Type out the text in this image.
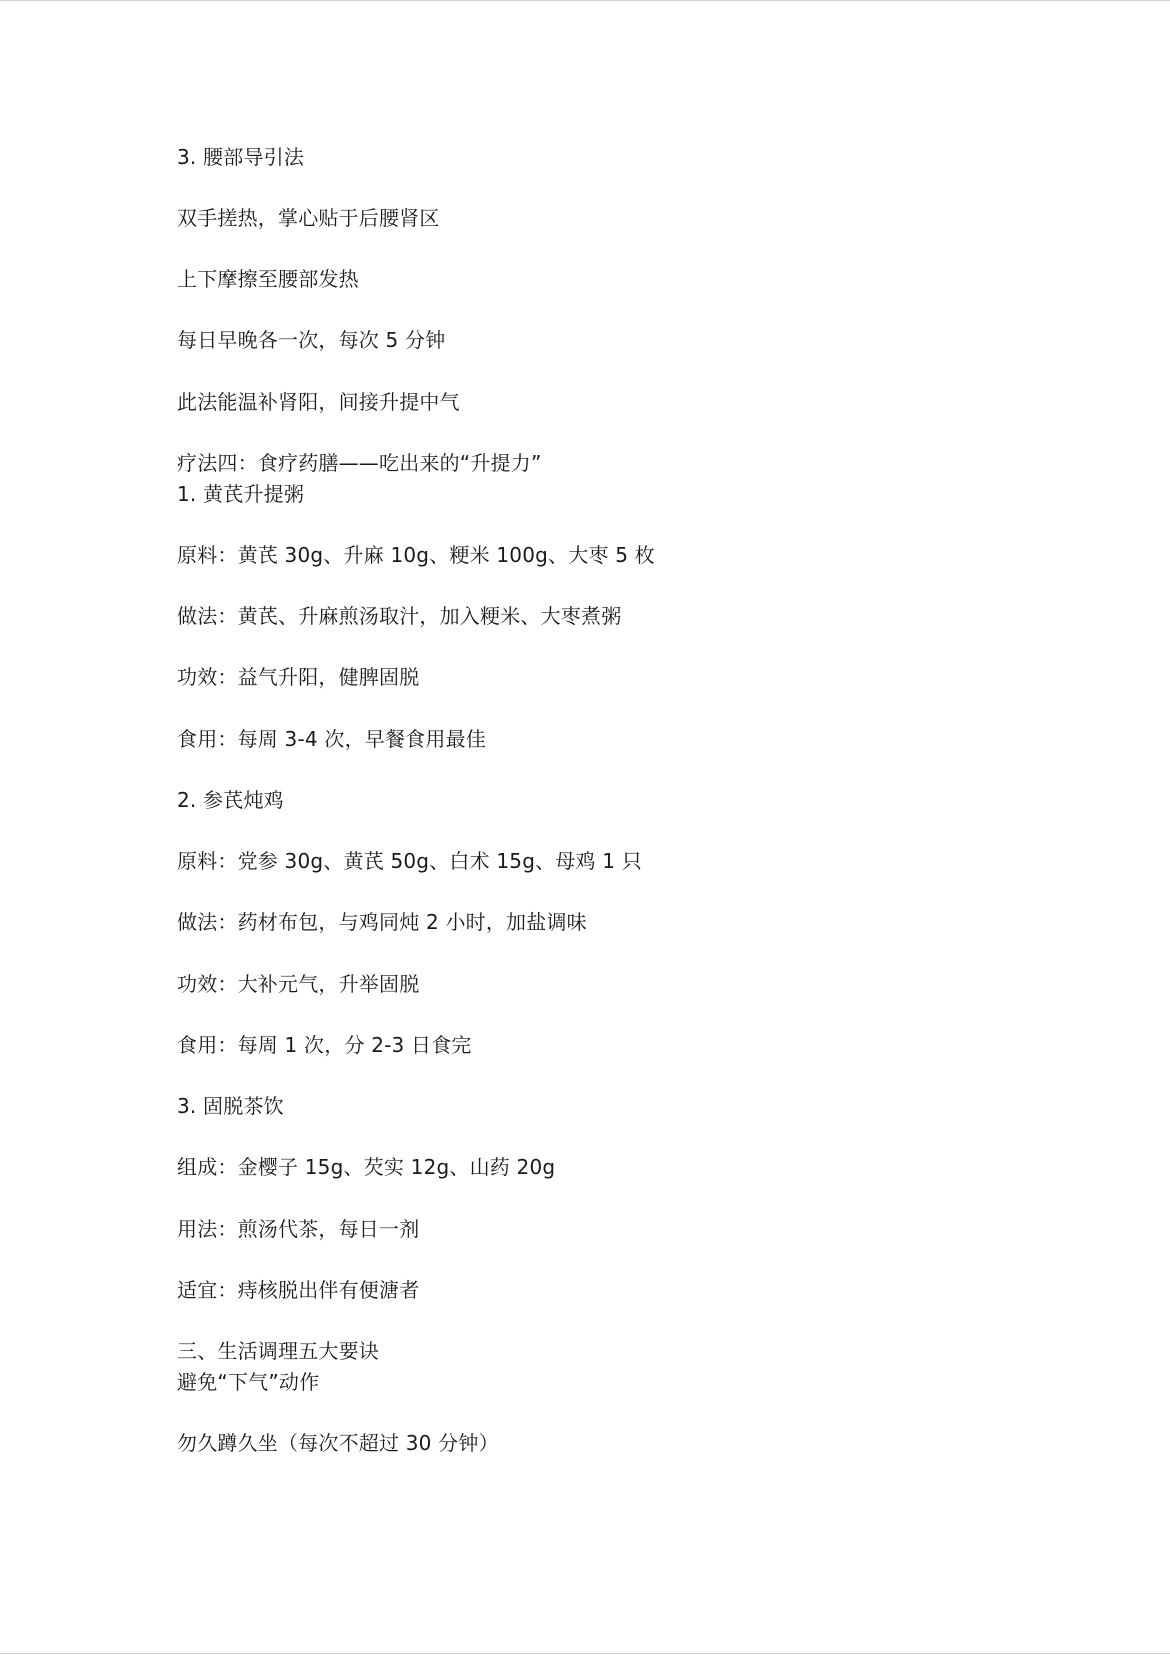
3. 腰部导引法
双手搓热，掌心贴于后腰肾区
上下摩擦至腰部发热
每日早晚各一次，每次 5 分钟
此法能温补肾阳，间接升提中气
疗法四：食疗药膳——吃出来的“升提力”
1. 黄芪升提粥
原料：黄芪 30g、升麻 10g、粳米 100g、大枣 5 枚
做法：黄芪、升麻煎汤取汁，加入粳米、大枣煮粥
功效：益气升阳，健脾固脱
食用：每周 3-4 次，早餐食用最佳
2. 参芪炖鸡
原料：党参 30g、黄芪 50g、白术 15g、母鸡 1 只
做法：药材布包，与鸡同炖 2 小时，加盐调味
功效：大补元气，升举固脱
食用：每周 1 次，分 2-3 日食完
3. 固脱茶饮
组成：金樱子 15g、芡实 12g、山药 20g
用法：煎汤代茶，每日一剂
适宜：痔核脱出伴有便溏者
三、生活调理五大要诀
避免“下气”动作
勿久蹲久坐（每次不超过 30 分钟）
